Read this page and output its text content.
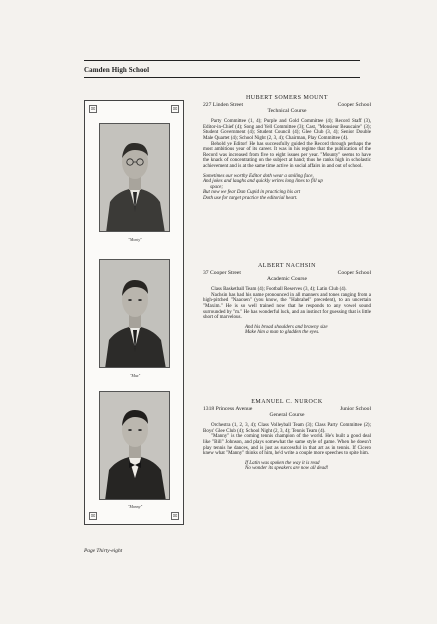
Camden High School
⌧	⌧
⌧	⌧
"Monty"
"Max"
"Manny"
HUBERT SOMERS MOUNT
227 Linden Street	Cooper School
Technical Course

Party Committee (1, 4); Purple and Gold Committee (4); Record Staff (3), Editor-in-Chief (4); Song and Yell Committee (3); Cast, "Monsieur Beaucaire" (3); Student Government (4); Student Council (4); Glee Club (3, 4); Senior Double Male Quartet (4); School Night (2, 3, 4); Chairman, Play Committee (4).

Behold ye Editor! He has successfully guided the Record through perhaps the most ambitious year of its career. It was in his regime that the publication of the Record was increased from five to eight issues per year. "Mounty" seems to have the knack of concentrating on the subject at hand; thus he ranks high in scholastic achievement and is at the same time active in social affairs in and out of school.

Sometimes our worthy Editor doth wear a smiling face,

And jokes and laughs and quickly writes long lines to fill up

space;

But now we fear Dan Cupid in practicing his art

Doth use for target practice the editorial heart.

ALBERT NACHSIN
37 Cooper Street	Cooper School
Academic Course

Class Basketball Team (4); Football Reserves (3, 4); Latin Club (4).

Nachsin has had his name pronounced in all manners and tones ranging from a high-pitched "Naacsen" (you know, the "Habrahel" precedent), to an uncertain "Maxim." He is so well trained now that he responds to any vowel sound surrounded by "m." He has wonderful luck, and an instinct for guessing that is little short of marvelous.

And his broad shoulders and brawny size

Make him a man to gladden the eyes.

EMANUEL C. NUROCK
1318 Princess Avenue	Junior School
General Course

Orchestra (1, 2, 3, 4); Class Volleyball Team (3); Class Party Committee (2); Boys' Glee Club (4); School Night (2, 3, 4); Tennis Team (4).

"Manny" is the coming tennis champion of the world. He's built a good deal like "Bill" Johnson, and plays somewhat the same style of game. When he doesn't play tennis he dances, and is just as successful in that art as in tennis. If Cicero knew what "Manny" thinks of him, he'd write a couple more speeches to spite him.

If Latin was spoken the way it is read

No wonder its speakers are now all dead!

Page Thirty-eight
